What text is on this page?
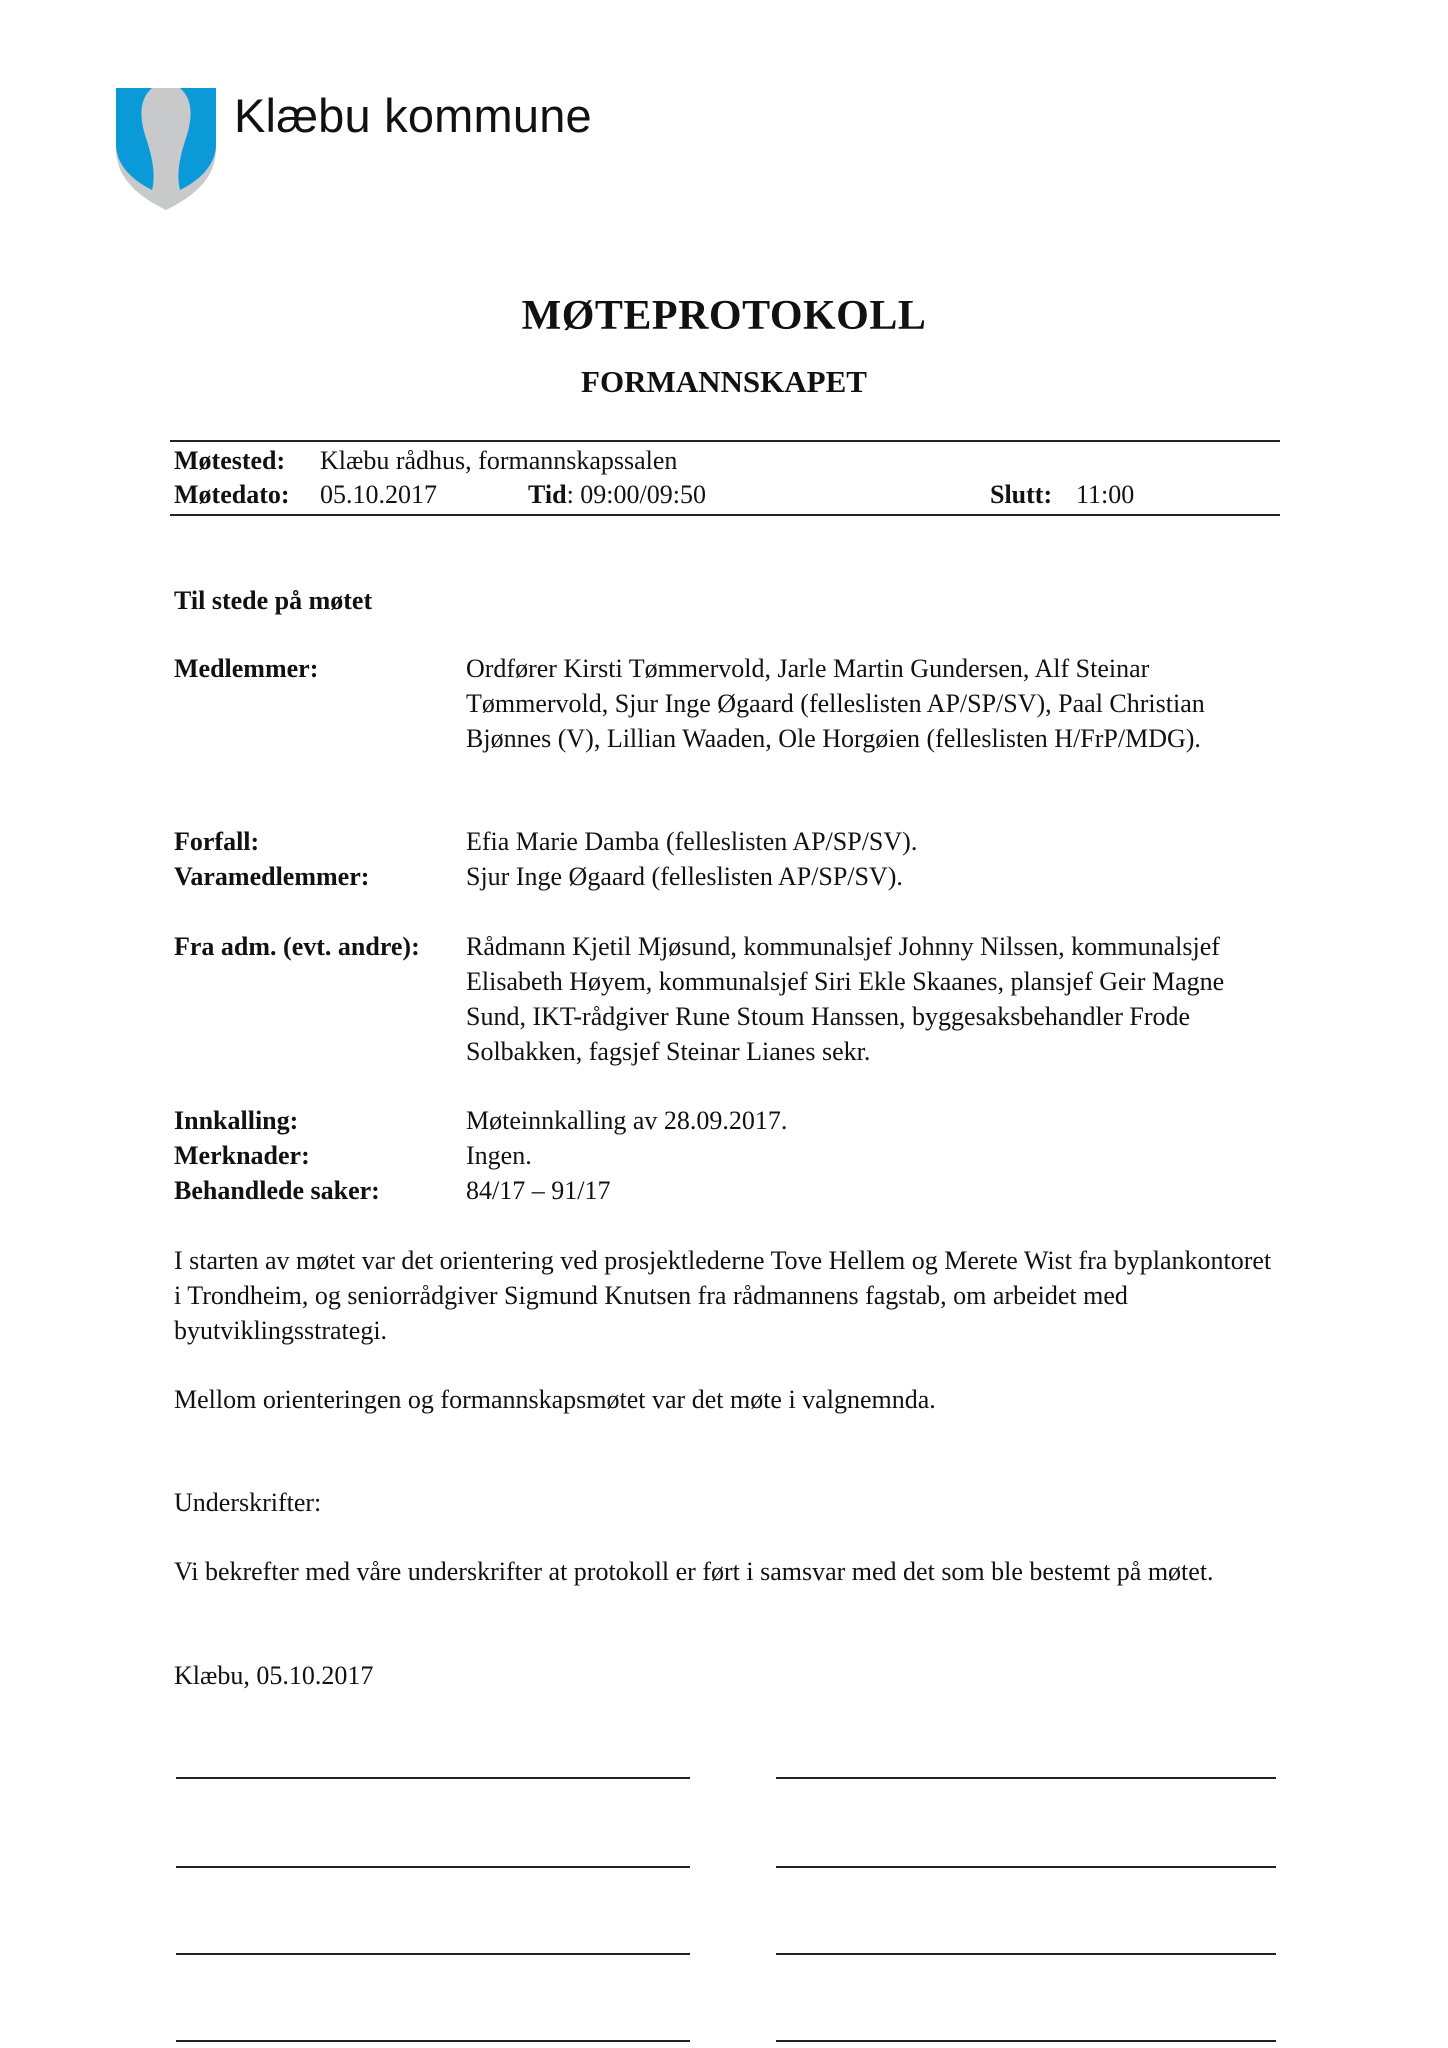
Klæbu kommune
MØTEPROTOKOLL
FORMANNSKAPET
Møtested: Klæbu rådhus, formannskapssalen
Møtedato: 05.10.2017	Tid: 09:00/09:50	Slutt: 11:00
Til stede på møtet
Medlemmer:	Ordfører Kirsti Tømmervold, Jarle Martin Gundersen, Alf Steinar Tømmervold, Sjur Inge Øgaard (felleslisten AP/SP/SV), Paal Christian Bjønnes (V), Lillian Waaden, Ole Horgøien (felleslisten H/FrP/MDG).
Forfall:	Efia Marie Damba (felleslisten AP/SP/SV).
Varamedlemmer:	Sjur Inge Øgaard (felleslisten AP/SP/SV).
Fra adm. (evt. andre): Rådmann Kjetil Mjøsund, kommunalsjef Johnny Nilssen, kommunalsjef Elisabeth Høyem, kommunalsjef Siri Ekle Skaanes, plansjef Geir Magne Sund, IKT-rådgiver Rune Stoum Hanssen, byggesaksbehandler Frode Solbakken, fagsjef Steinar Lianes sekr.
Innkalling:	Møteinnkalling av 28.09.2017.
Merknader:	Ingen.
Behandlede saker:	84/17 – 91/17
I starten av møtet var det orientering ved prosjektlederne Tove Hellem og Merete Wist fra byplankontoret i Trondheim, og seniorrådgiver Sigmund Knutsen fra rådmannens fagstab, om arbeidet med byutviklingsstrategi.
Mellom orienteringen og formannskapsmøtet var det møte i valgnemnda.
Underskrifter:
Vi bekrefter med våre underskrifter at protokoll er ført i samsvar med det som ble bestemt på møtet.
Klæbu, 05.10.2017
